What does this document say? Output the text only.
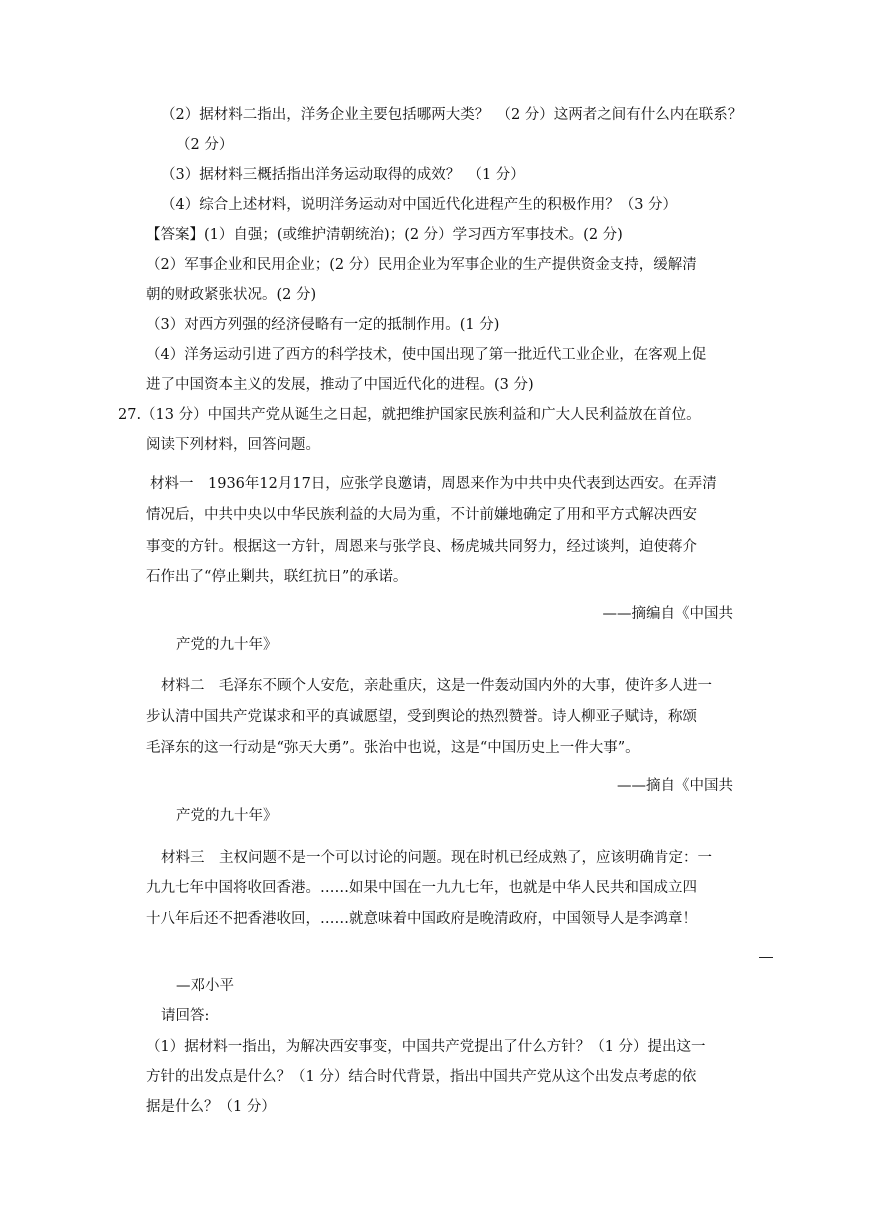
（2）据材料二指出，洋务企业主要包括哪两大类？　（2 分）这两者之间有什么内在联系？
（2 分）
（3）据材料三概括指出洋务运动取得的成效？　（1 分）
（4）综合上述材料，说明洋务运动对中国近代化进程产生的积极作用？（3 分）
【答案】(1）自强；(或维护清朝统治)；(2 分）学习西方军事技术。(2 分)
（2）军事企业和民用企业；(2 分）民用企业为军事企业的生产提供资金支持，缓解清
朝的财政紧张状况。(2 分)
（3）对西方列强的经济侵略有一定的抵制作用。(1 分)
（4）洋务运动引进了西方的科学技术，使中国出现了第一批近代工业企业，在客观上促
进了中国资本主义的发展，推动了中国近代化的进程。(3 分)
27.（13 分）中国共产党从诞生之日起，就把维护国家民族利益和广大人民利益放在首位。
阅读下列材料，回答问题。
材料一　1936年12月17日，应张学良邀请，周恩来作为中共中央代表到达西安。在弄清
情况后，中共中央以中华民族利益的大局为重，不计前嫌地确定了用和平方式解决西安
事变的方针。根据这一方针，周恩来与张学良、杨虎城共同努力，经过谈判，迫使蒋介
石作出了“停止剿共，联红抗日”的承诺。
——摘编自《中国共
产党的九十年》
材料二　毛泽东不顾个人安危，亲赴重庆，这是一件轰动国内外的大事，使许多人进一
步认清中国共产党谋求和平的真诚愿望，受到舆论的热烈赞誉。诗人柳亚子赋诗，称颂
毛泽东的这一行动是“弥天大勇”。张治中也说，这是“中国历史上一件大事”。
——摘自《中国共
产党的九十年》
材料三　主权问题不是一个可以讨论的问题。现在时机已经成熟了，应该明确肯定：一
九九七年中国将收回香港。……如果中国在一九九七年，也就是中华人民共和国成立四
十八年后还不把香港收回，……就意味着中国政府是晚清政府，中国领导人是李鸿章！
—邓小平
请回答:
（1）据材料一指出，为解决西安事变，中国共产党提出了什么方针？（1 分）提出这一
方针的出发点是什么？（1 分）结合时代背景，指出中国共产党从这个出发点考虑的依
据是什么？（1 分）
